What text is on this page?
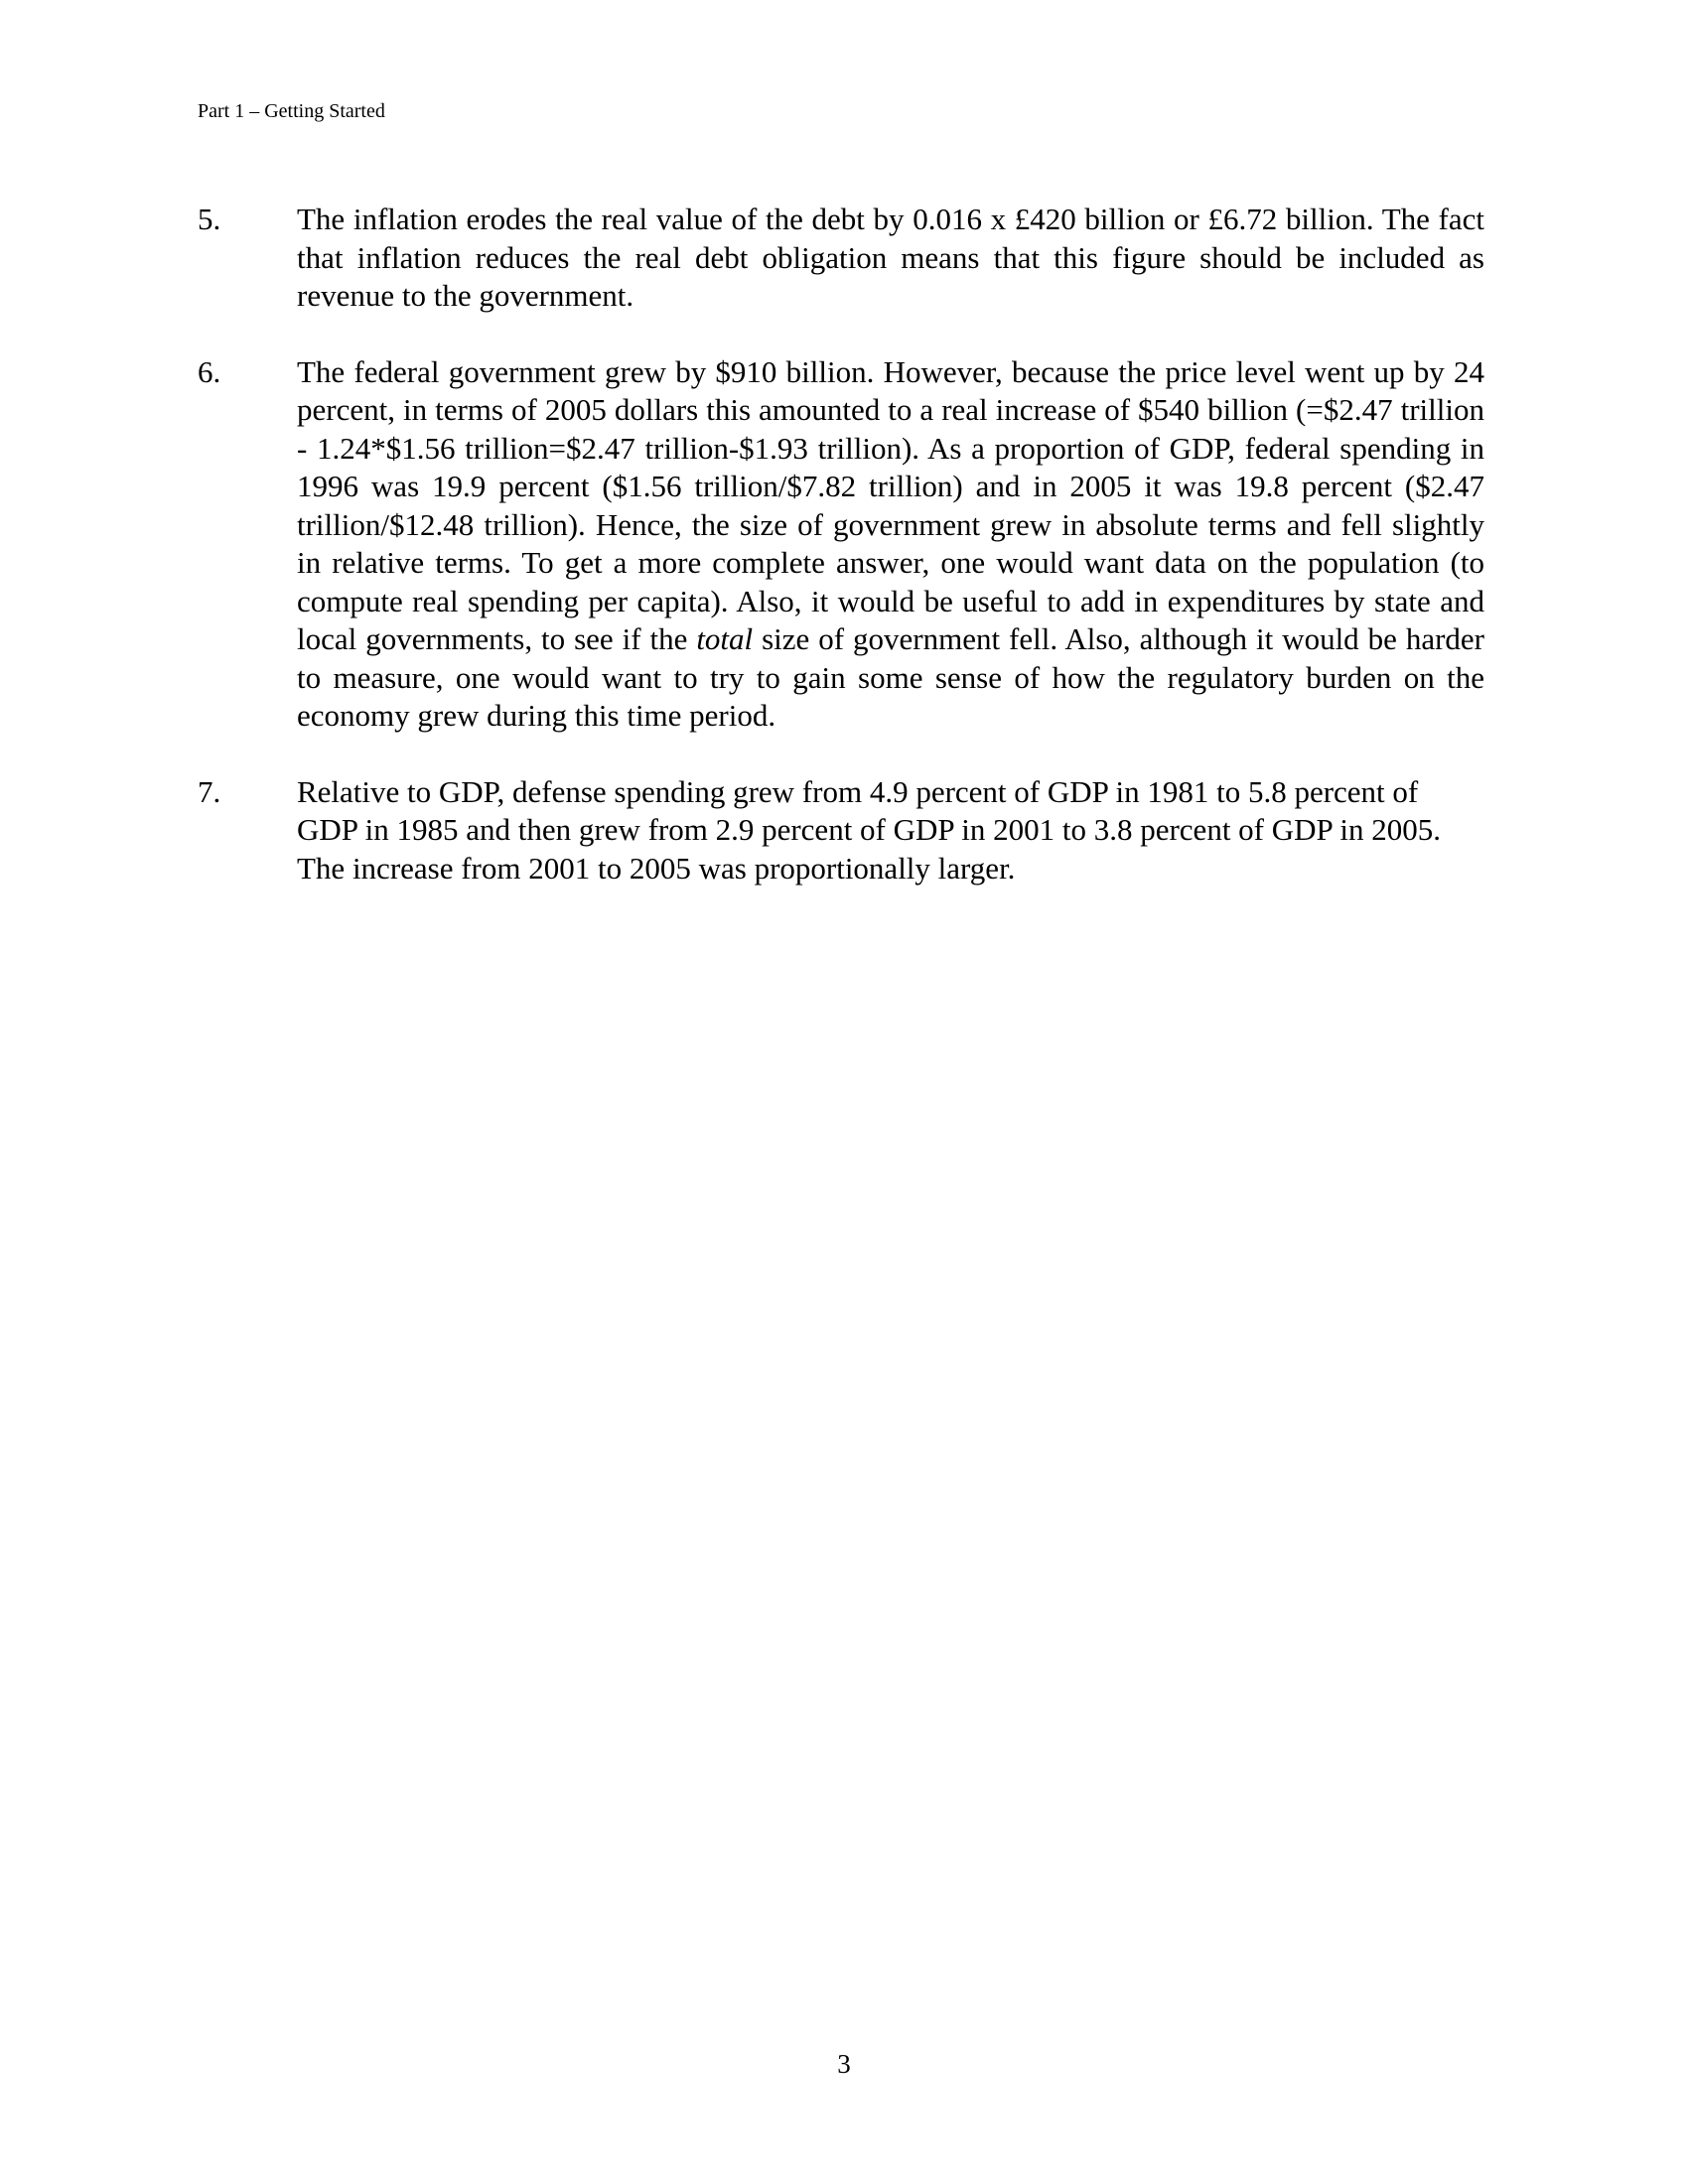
Part 1 – Getting Started
5. The inflation erodes the real value of the debt by 0.016 x £420 billion or £6.72 billion. The fact that inflation reduces the real debt obligation means that this figure should be included as revenue to the government.
6. The federal government grew by $910 billion. However, because the price level went up by 24 percent, in terms of 2005 dollars this amounted to a real increase of $540 billion (=$2.47 trillion - 1.24*$1.56 trillion=$2.47 trillion-$1.93 trillion). As a proportion of GDP, federal spending in 1996 was 19.9 percent ($1.56 trillion/$7.82 trillion) and in 2005 it was 19.8 percent ($2.47 trillion/$12.48 trillion). Hence, the size of government grew in absolute terms and fell slightly in relative terms. To get a more complete answer, one would want data on the population (to compute real spending per capita). Also, it would be useful to add in expenditures by state and local governments, to see if the total size of government fell. Also, although it would be harder to measure, one would want to try to gain some sense of how the regulatory burden on the economy grew during this time period.
7. Relative to GDP, defense spending grew from 4.9 percent of GDP in 1981 to 5.8 percent of GDP in 1985 and then grew from 2.9 percent of GDP in 2001 to 3.8 percent of GDP in 2005. The increase from 2001 to 2005 was proportionally larger.
3
